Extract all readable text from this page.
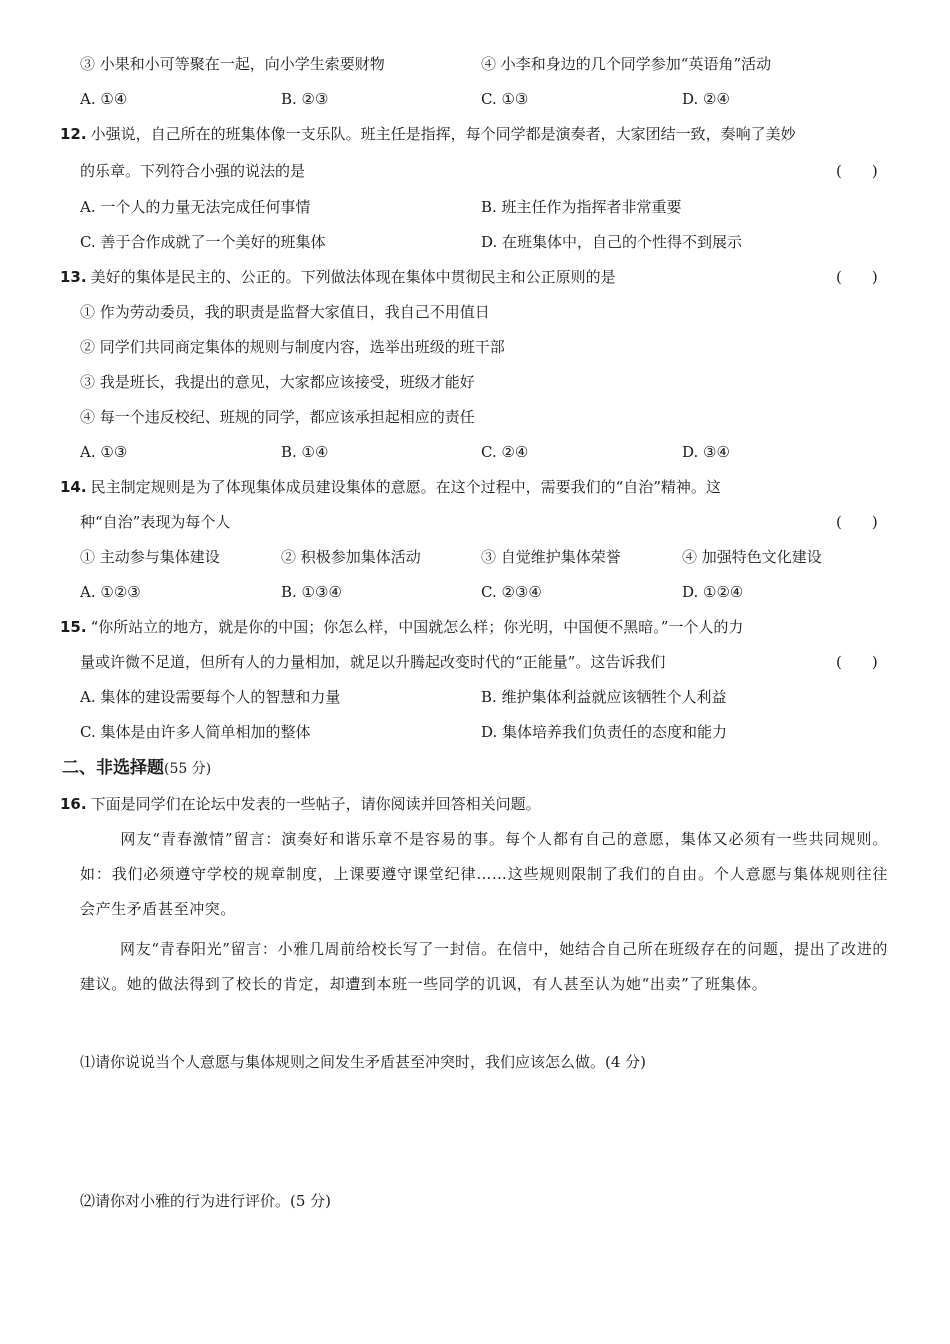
③ 小果和小可等聚在一起，向小学生索要财物	④ 小李和身边的几个同学参加“英语角”活动
A. ①④	B. ②③	C. ①③	D. ②④
12. 小强说，自己所在的班集体像一支乐队。班主任是指挥，每个同学都是演奏者，大家团结一致，奏响了美妙
的乐章。下列符合小强的说法的是	(　　)
A. 一个人的力量无法完成任何事情	B. 班主任作为指挥者非常重要
C. 善于合作成就了一个美好的班集体	D. 在班集体中，自己的个性得不到展示
13. 美好的集体是民主的、公正的。下列做法体现在集体中贯彻民主和公正原则的是	(　　)
① 作为劳动委员，我的职责是监督大家值日，我自己不用值日
② 同学们共同商定集体的规则与制度内容，选举出班级的班干部
③ 我是班长，我提出的意见，大家都应该接受，班级才能好
④ 每一个违反校纪、班规的同学，都应该承担起相应的责任
A. ①③	B. ①④	C. ②④	D. ③④
14. 民主制定规则是为了体现集体成员建设集体的意愿。在这个过程中，需要我们的“自治”精神。这
种“自治”表现为每个人	(　　)
① 主动参与集体建设	② 积极参加集体活动	③ 自觉维护集体荣誉	④ 加强特色文化建设
A. ①②③	B. ①③④	C. ②③④	D. ①②④
15. “你所站立的地方，就是你的中国；你怎么样，中国就怎么样；你光明，中国便不黑暗。”一个人的力
量或许微不足道，但所有人的力量相加，就足以升腾起改变时代的“正能量”。这告诉我们	(　　)
A. 集体的建设需要每个人的智慧和力量	B. 维护集体利益就应该牺牲个人利益
C. 集体是由许多人简单相加的整体	D. 集体培养我们负责任的态度和能力
二、非选择题(55 分)
16. 下面是同学们在论坛中发表的一些帖子，请你阅读并回答相关问题。
网友“青春激情”留言：演奏好和谐乐章不是容易的事。每个人都有自己的意愿，集体又必须有一些共同规则。如：我们必须遵守学校的规章制度，上课要遵守课堂纪律……这些规则限制了我们的自由。个人意愿与集体规则往往会产生矛盾甚至冲突。
网友“青春阳光”留言：小雅几周前给校长写了一封信。在信中，她结合自己所在班级存在的问题，提出了改进的建议。她的做法得到了校长的肯定，却遭到本班一些同学的讥讽，有人甚至认为她“出卖”了班集体。
⑴请你说说当个人意愿与集体规则之间发生矛盾甚至冲突时，我们应该怎么做。(4 分)
⑵请你对小雅的行为进行评价。(5 分)
